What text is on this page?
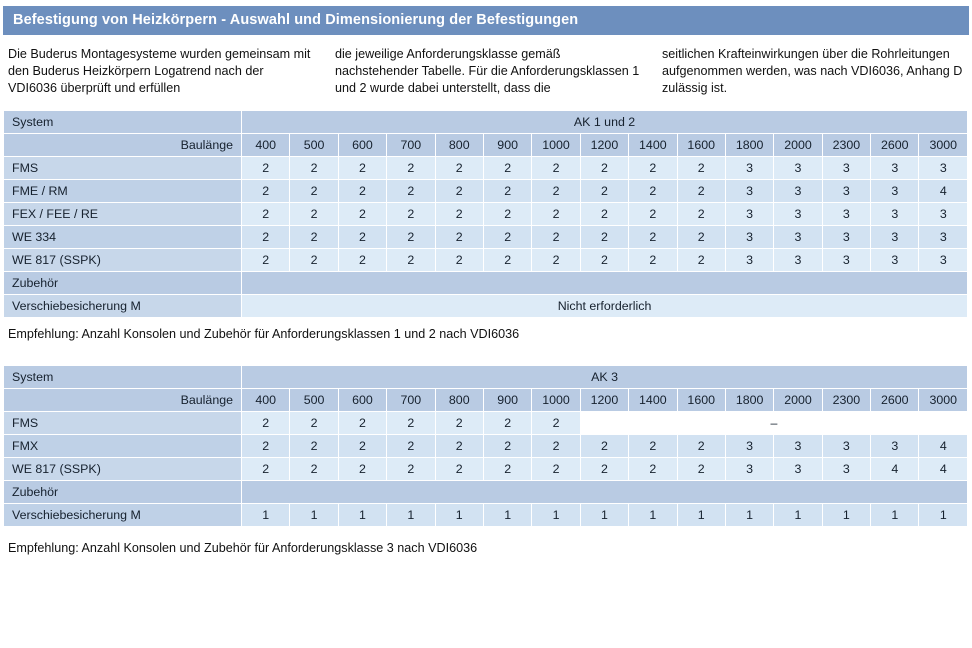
Befestigung von Heizkörpern - Auswahl und Dimensionierung der Befestigungen

Die Buderus Montagesysteme wurden gemeinsam mit den Buderus Heizkörpern Logatrend nach der VDI6036 überprüft und erfüllen

die jeweilige Anforderungsklasse gemäß nachstehender Tabelle. Für die Anforderungsklassen 1 und 2 wurde dabei unterstellt, dass die

seitlichen Krafteinwirkungen über die Rohrleitungen aufgenommen werden, was nach VDI6036, Anhang D zulässig ist.

System	AK 1 und 2														
Baulänge	400	500	600	700	800	900	1000	1200	1400	1600	1800	2000	2300	2600	3000
FMS	2	2	2	2	2	2	2	2	2	2	3	3	3	3	3
FME / RM	2	2	2	2	2	2	2	2	2	2	3	3	3	3	4
FEX / FEE / RE	2	2	2	2	2	2	2	2	2	2	3	3	3	3	3
WE 334	2	2	2	2	2	2	2	2	2	2	3	3	3	3	3
WE 817 (SSPK)	2	2	2	2	2	2	2	2	2	2	3	3	3	3	3
Zubehör															
Verschiebesicherung M	Nicht erforderlich														
Empfehlung: Anzahl Konsolen und Zubehör für Anforderungsklassen 1 und 2 nach VDI6036
System	AK 3														
Baulänge	400	500	600	700	800	900	1000	1200	1400	1600	1800	2000	2300	2600	3000
FMS	2	2	2	2	2	2	2	–							
FMX	2	2	2	2	2	2	2	2	2	2	3	3	3	3	4
WE 817 (SSPK)	2	2	2	2	2	2	2	2	2	2	3	3	3	4	4
Zubehör															
Verschiebesicherung M	1	1	1	1	1	1	1	1	1	1	1	1	1	1	1
Empfehlung: Anzahl Konsolen und Zubehör für Anforderungsklasse 3 nach VDI6036
